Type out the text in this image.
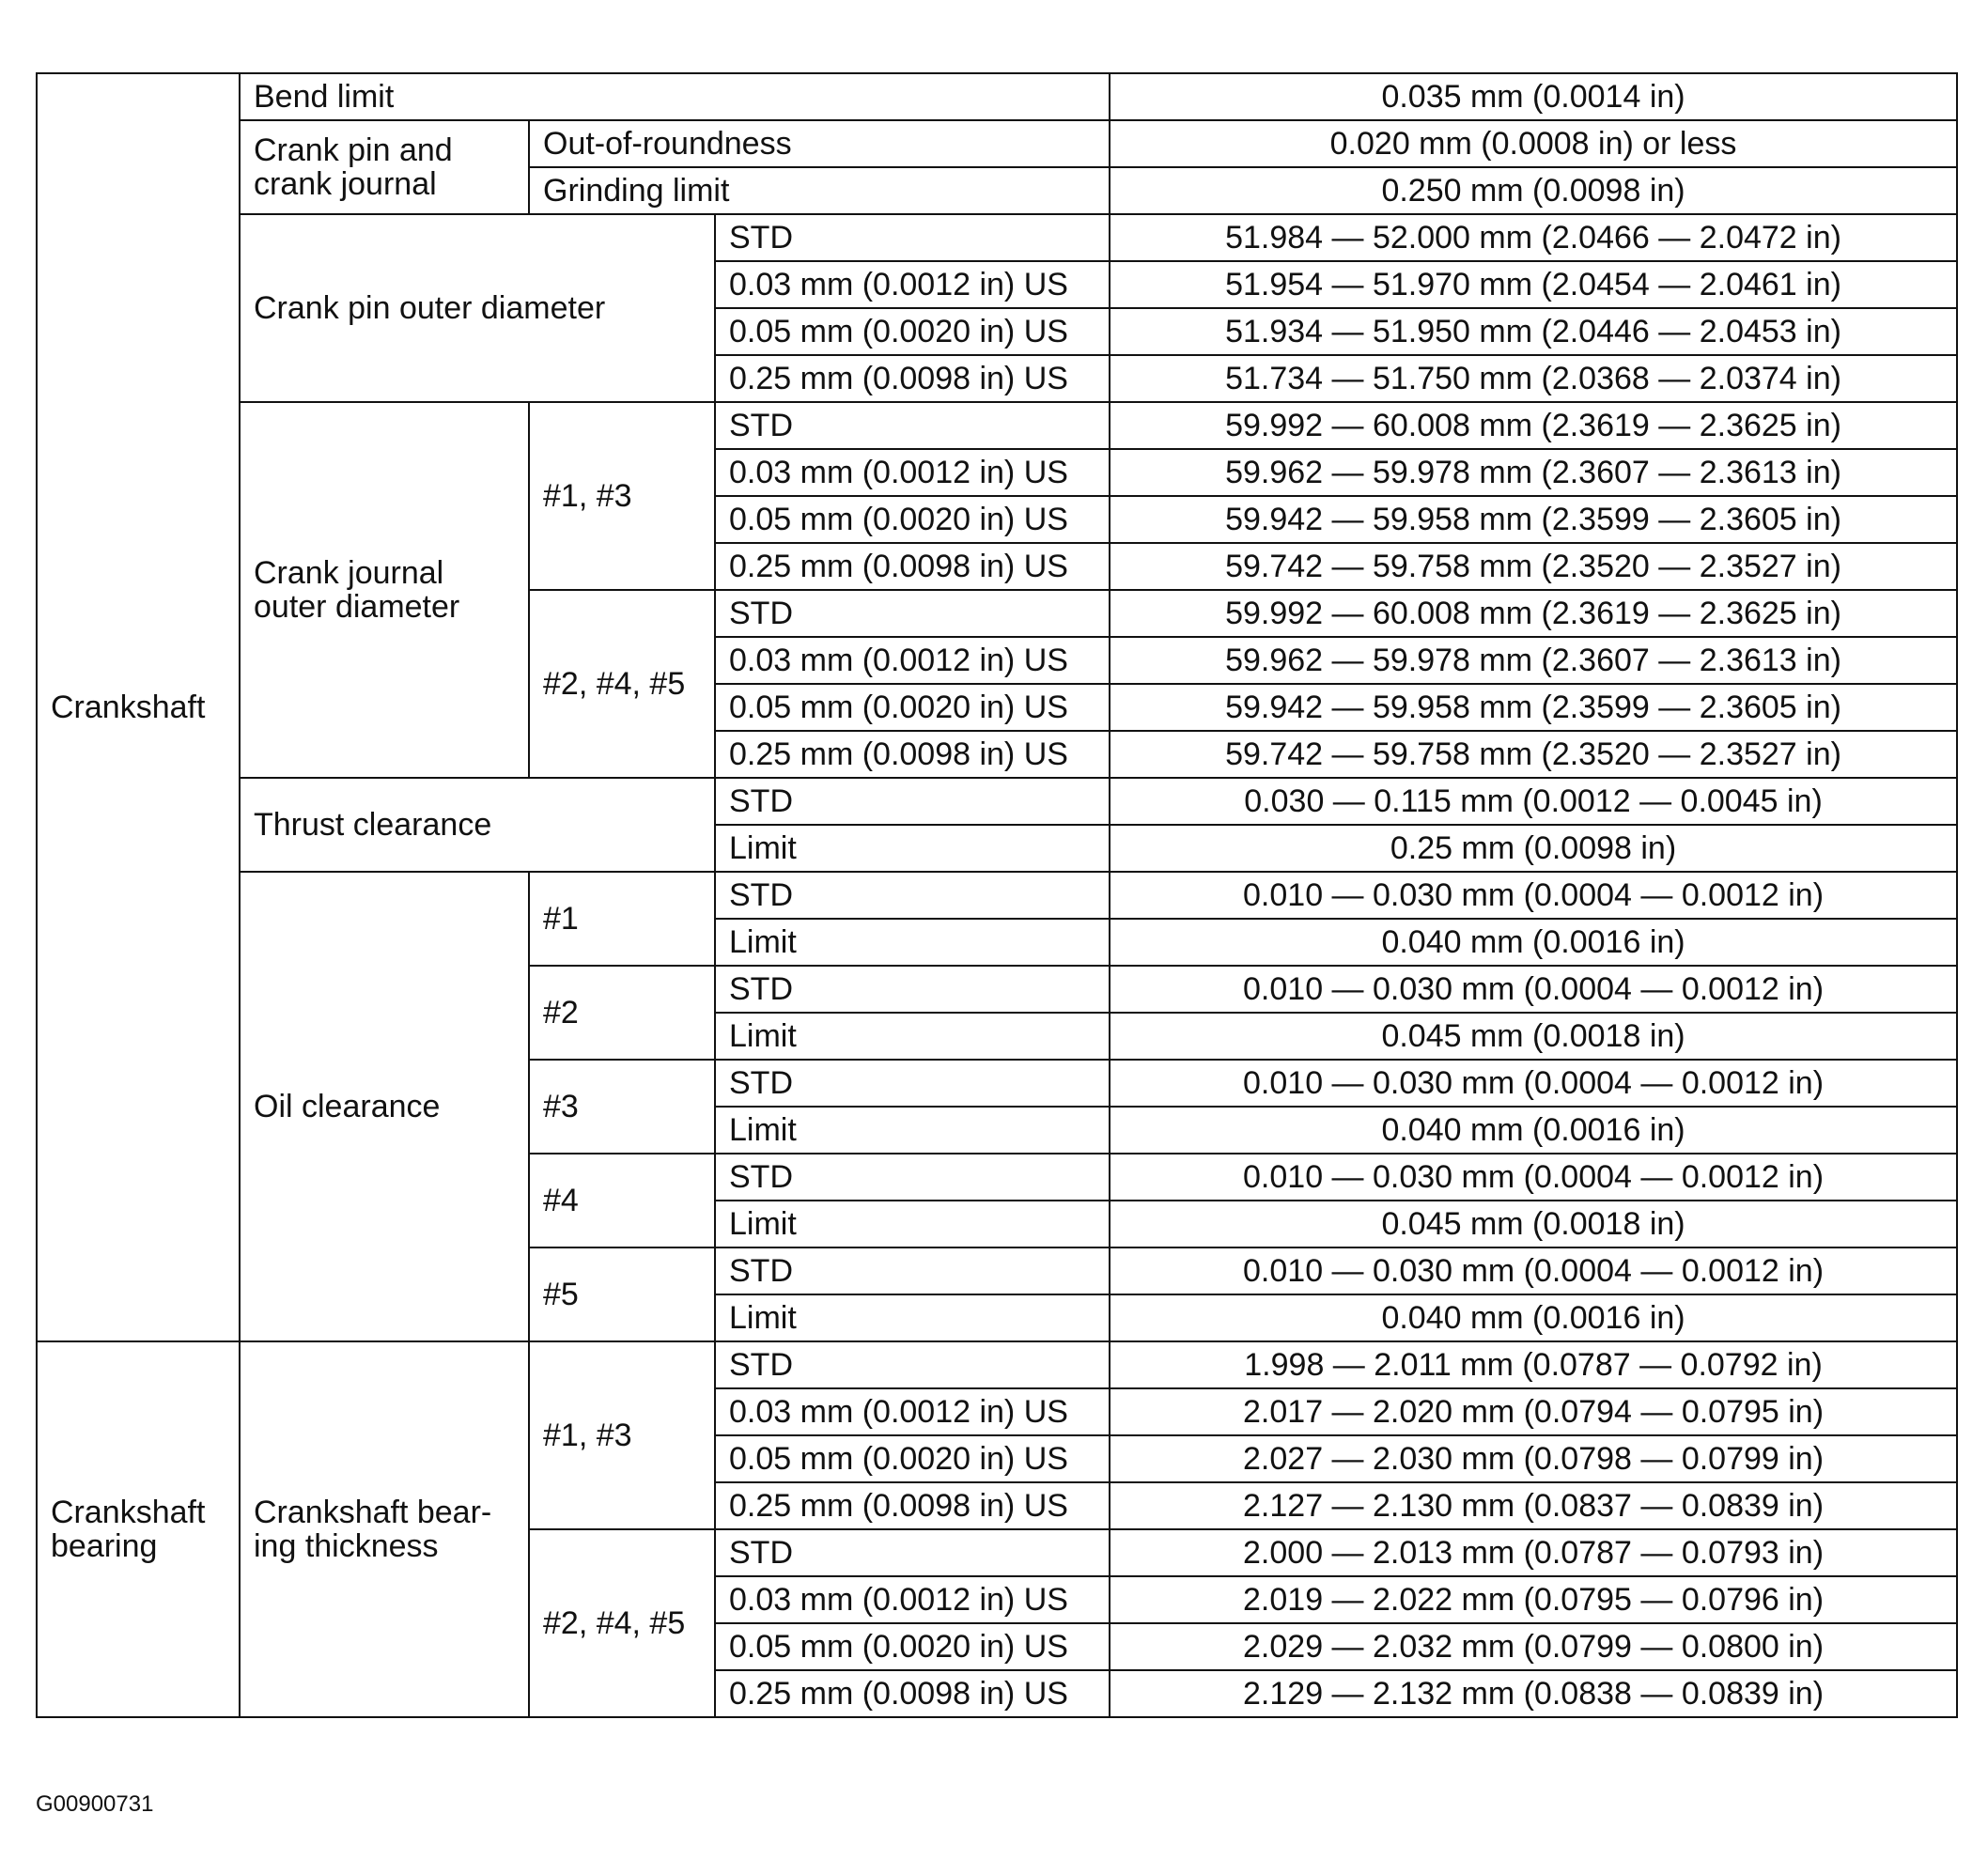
Crankshaft	Bend limit			0.035 mm (0.0014 in)
	Crank pin and crank journal	Out-of-roundness		0.020 mm (0.0008 in) or less
		Grinding limit		0.250 mm (0.0098 in)
	Crank pin outer diameter		STD	51.984 — 52.000 mm (2.0466 — 2.0472 in)
			0.03 mm (0.0012 in) US	51.954 — 51.970 mm (2.0454 — 2.0461 in)
			0.05 mm (0.0020 in) US	51.934 — 51.950 mm (2.0446 — 2.0453 in)
			0.25 mm (0.0098 in) US	51.734 — 51.750 mm (2.0368 — 2.0374 in)
	Crank journal outer diameter	#1, #3	STD	59.992 — 60.008 mm (2.3619 — 2.3625 in)
			0.03 mm (0.0012 in) US	59.962 — 59.978 mm (2.3607 — 2.3613 in)
			0.05 mm (0.0020 in) US	59.942 — 59.958 mm (2.3599 — 2.3605 in)
			0.25 mm (0.0098 in) US	59.742 — 59.758 mm (2.3520 — 2.3527 in)
		#2, #4, #5	STD	59.992 — 60.008 mm (2.3619 — 2.3625 in)
			0.03 mm (0.0012 in) US	59.962 — 59.978 mm (2.3607 — 2.3613 in)
			0.05 mm (0.0020 in) US	59.942 — 59.958 mm (2.3599 — 2.3605 in)
			0.25 mm (0.0098 in) US	59.742 — 59.758 mm (2.3520 — 2.3527 in)
	Thrust clearance		STD	0.030 — 0.115 mm (0.0012 — 0.0045 in)
			Limit	0.25 mm (0.0098 in)
	Oil clearance	#1	STD	0.010 — 0.030 mm (0.0004 — 0.0012 in)
			Limit	0.040 mm (0.0016 in)
		#2	STD	0.010 — 0.030 mm (0.0004 — 0.0012 in)
			Limit	0.045 mm (0.0018 in)
		#3	STD	0.010 — 0.030 mm (0.0004 — 0.0012 in)
			Limit	0.040 mm (0.0016 in)
		#4	STD	0.010 — 0.030 mm (0.0004 — 0.0012 in)
			Limit	0.045 mm (0.0018 in)
		#5	STD	0.010 — 0.030 mm (0.0004 — 0.0012 in)
			Limit	0.040 mm (0.0016 in)
Crankshaft bearing	Crankshaft bear-ing thickness	#1, #3	STD	1.998 — 2.011 mm (0.0787 — 0.0792 in)
			0.03 mm (0.0012 in) US	2.017 — 2.020 mm (0.0794 — 0.0795 in)
			0.05 mm (0.0020 in) US	2.027 — 2.030 mm (0.0798 — 0.0799 in)
			0.25 mm (0.0098 in) US	2.127 — 2.130 mm (0.0837 — 0.0839 in)
		#2, #4, #5	STD	2.000 — 2.013 mm (0.0787 — 0.0793 in)
			0.03 mm (0.0012 in) US	2.019 — 2.022 mm (0.0795 — 0.0796 in)
			0.05 mm (0.0020 in) US	2.029 — 2.032 mm (0.0799 — 0.0800 in)
			0.25 mm (0.0098 in) US	2.129 — 2.132 mm (0.0838 — 0.0839 in)
G00900731
